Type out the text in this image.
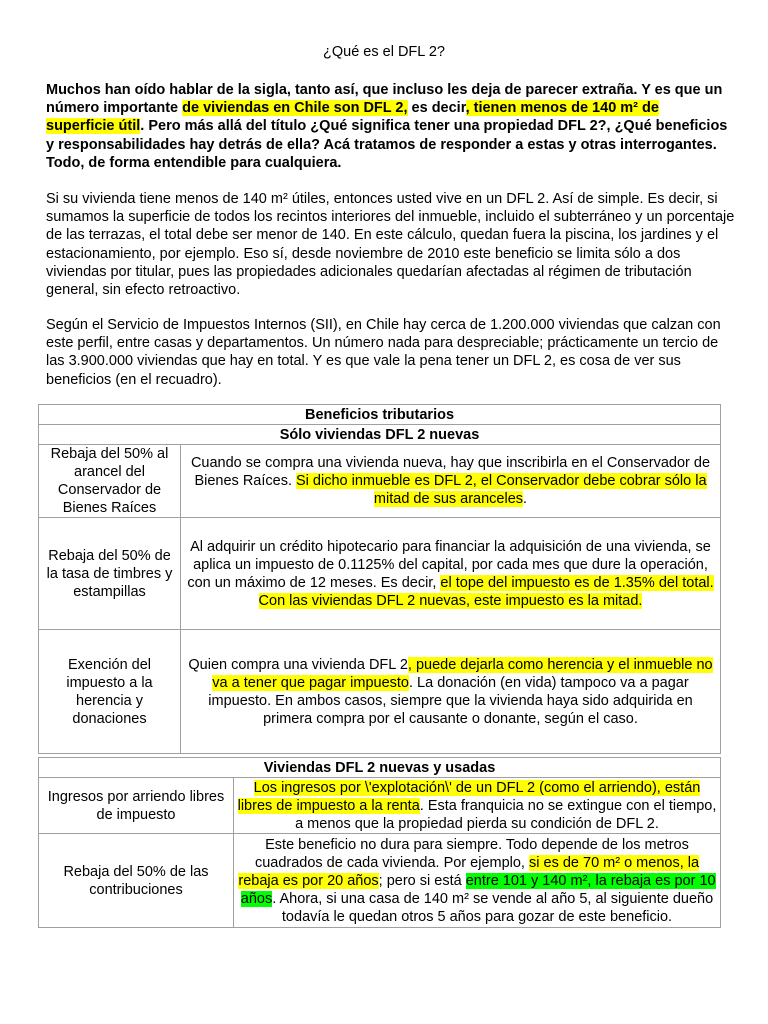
¿Qué es el DFL 2?
Muchos han oído hablar de la sigla, tanto así, que incluso les deja de parecer extraña. Y es que un número importante de viviendas en Chile son DFL 2, es decir, tienen menos de 140 m² de superficie útil. Pero más allá del título ¿Qué significa tener una propiedad DFL 2?, ¿Qué beneficios y responsabilidades hay detrás de ella? Acá tratamos de responder a estas y otras interrogantes. Todo, de forma entendible para cualquiera.
Si su vivienda tiene menos de 140 m² útiles, entonces usted vive en un DFL 2. Así de simple. Es decir, si sumamos la superficie de todos los recintos interiores del inmueble, incluido el subterráneo y un porcentaje de las terrazas, el total debe ser menor de 140. En este cálculo, quedan fuera la piscina, los jardines y el estacionamiento, por ejemplo. Eso sí, desde noviembre de 2010 este beneficio se limita sólo a dos viviendas por titular, pues las propiedades adicionales quedarían afectadas al régimen de tributación general, sin efecto retroactivo.
Según el Servicio de Impuestos Internos (SII), en Chile hay cerca de 1.200.000 viviendas que calzan con este perfil, entre casas y departamentos. Un número nada para despreciable; prácticamente un tercio de las 3.900.000 viviendas que hay en total. Y es que vale la pena tener un DFL 2, es cosa de ver sus beneficios (en el recuadro).
Beneficios tributarios	
Sólo viviendas DFL 2 nuevas	
Rebaja del 50% al arancel del Conservador de Bienes Raíces	Cuando se compra una vivienda nueva, hay que inscribirla en el Conservador de Bienes Raíces. Si dicho inmueble es DFL 2, el Conservador debe cobrar sólo la mitad de sus aranceles.
Rebaja del 50% de la tasa de timbres y estampillas	Al adquirir un crédito hipotecario para financiar la adquisición de una vivienda, se aplica un impuesto de 0.1125% del capital, por cada mes que dure la operación, con un máximo de 12 meses. Es decir, el tope del impuesto es de 1.35% del total. Con las viviendas DFL 2 nuevas, este impuesto es la mitad.
Exención del impuesto a la herencia y donaciones	Quien compra una vivienda DFL 2, puede dejarla como herencia y el inmueble no va a tener que pagar impuesto. La donación (en vida) tampoco va a pagar impuesto. En ambos casos, siempre que la vivienda haya sido adquirida en primera compra por el causante o donante, según el caso.
Viviendas DFL 2 nuevas y usadas	
Ingresos por arriendo libres de impuesto	Los ingresos por \'explotación\' de un DFL 2 (como el arriendo), están libres de impuesto a la renta. Esta franquicia no se extingue con el tiempo, a menos que la propiedad pierda su condición de DFL 2.
Rebaja del 50% de las contribuciones	Este beneficio no dura para siempre. Todo depende de los metros cuadrados de cada vivienda. Por ejemplo, si es de 70 m² o menos, la rebaja es por 20 años; pero si está entre 101 y 140 m², la rebaja es por 10 años. Ahora, si una casa de 140 m² se vende al año 5, al siguiente dueño todavía le quedan otros 5 años para gozar de este beneficio.
